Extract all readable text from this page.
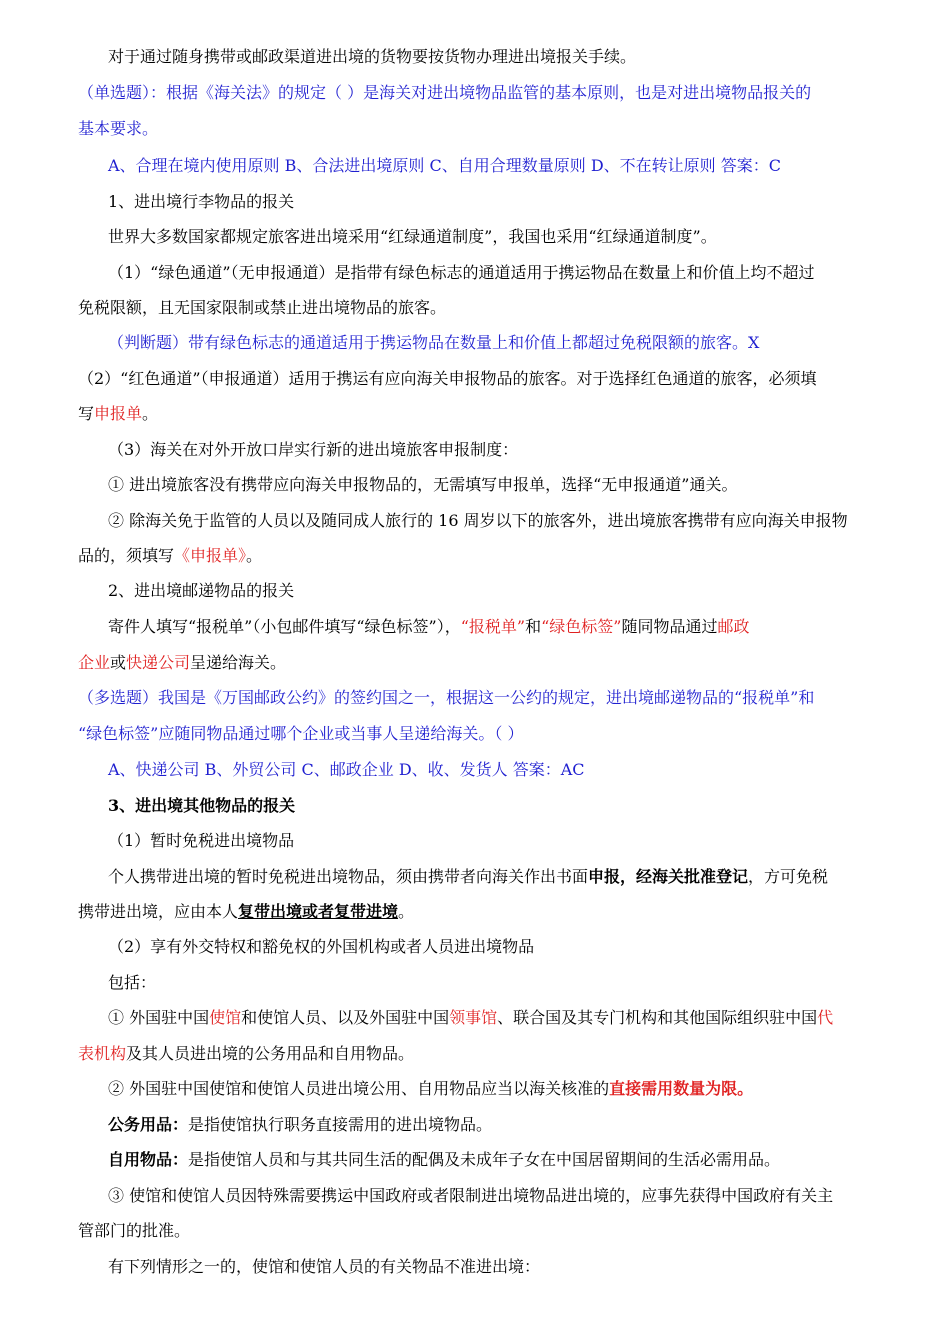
对于通过随身携带或邮政渠道进出境的货物要按货物办理进出境报关手续。
（单选题）：根据《海关法》的规定（ ）是海关对进出境物品监管的基本原则，也是对进出境物品报关的
基本要求。
A、合理在境内使用原则 B、合法进出境原则 C、自用合理数量原则 D、不在转让原则 答案：C
1、进出境行李物品的报关
世界大多数国家都规定旅客进出境采用“红绿通道制度”，我国也采用“红绿通道制度”。
（1）“绿色通道”（无申报通道）是指带有绿色标志的通道适用于携运物品在数量上和价值上均不超过
免税限额，且无国家限制或禁止进出境物品的旅客。
（判断题）带有绿色标志的通道适用于携运物品在数量上和价值上都超过免税限额的旅客。X
（2）“红色通道”（申报通道）适用于携运有应向海关申报物品的旅客。对于选择红色通道的旅客，必须填
写申报单。
（3）海关在对外开放口岸实行新的进出境旅客申报制度：
① 进出境旅客没有携带应向海关申报物品的，无需填写申报单，选择“无申报通道”通关。
② 除海关免于监管的人员以及随同成人旅行的 16 周岁以下的旅客外，进出境旅客携带有应向海关申报物
品的，须填写《申报单》。
2、进出境邮递物品的报关
寄件人填写“报税单”（小包邮件填写“绿色标签”），“报税单”和“绿色标签”随同物品通过邮政
企业或快递公司呈递给海关。
（多选题）我国是《万国邮政公约》的签约国之一，根据这一公约的规定，进出境邮递物品的“报税单”和
“绿色标签”应随同物品通过哪个企业或当事人呈递给海关。（ ）
A、快递公司 B、外贸公司 C、邮政企业 D、收、发货人 答案：AC
3、进出境其他物品的报关
（1）暂时免税进出境物品
个人携带进出境的暂时免税进出境物品，须由携带者向海关作出书面申报，经海关批准登记，方可免税
携带进出境，应由本人复带出境或者复带进境。
（2）享有外交特权和豁免权的外国机构或者人员进出境物品
包括：
① 外国驻中国使馆和使馆人员、以及外国驻中国领事馆、联合国及其专门机构和其他国际组织驻中国代
表机构及其人员进出境的公务用品和自用物品。
② 外国驻中国使馆和使馆人员进出境公用、自用物品应当以海关核准的直接需用数量为限。
公务用品：是指使馆执行职务直接需用的进出境物品。
自用物品：是指使馆人员和与其共同生活的配偶及未成年子女在中国居留期间的生活必需用品。
③ 使馆和使馆人员因特殊需要携运中国政府或者限制进出境物品进出境的，应事先获得中国政府有关主
管部门的批准。
有下列情形之一的，使馆和使馆人员的有关物品不准进出境：
